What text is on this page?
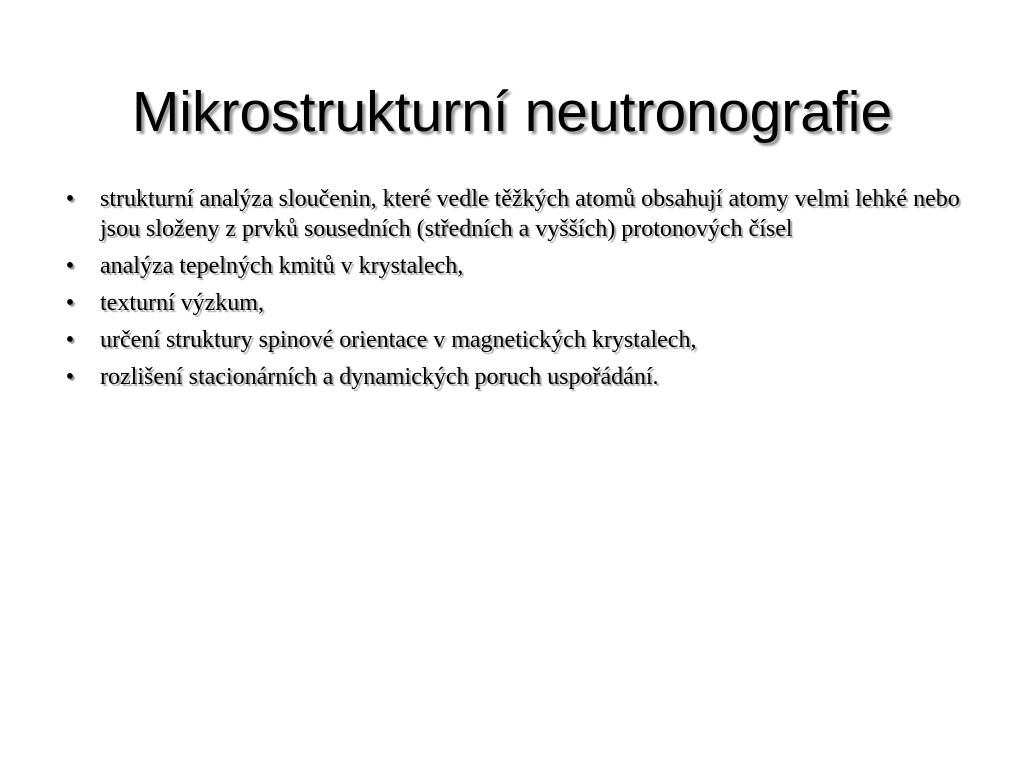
Mikrostrukturní neutronografie
• strukturní analýza sloučenin, které vedle těžkých atomů obsahují atomy velmi lehké nebo jsou složeny z prvků sousedních (středních a vyšších) protonových čísel
• analýza tepelných kmitů v krystalech,
• texturní výzkum,
• určení struktury spinové orientace v magnetických krystalech,
• rozlišení stacionárních a dynamických poruch uspořádání.
